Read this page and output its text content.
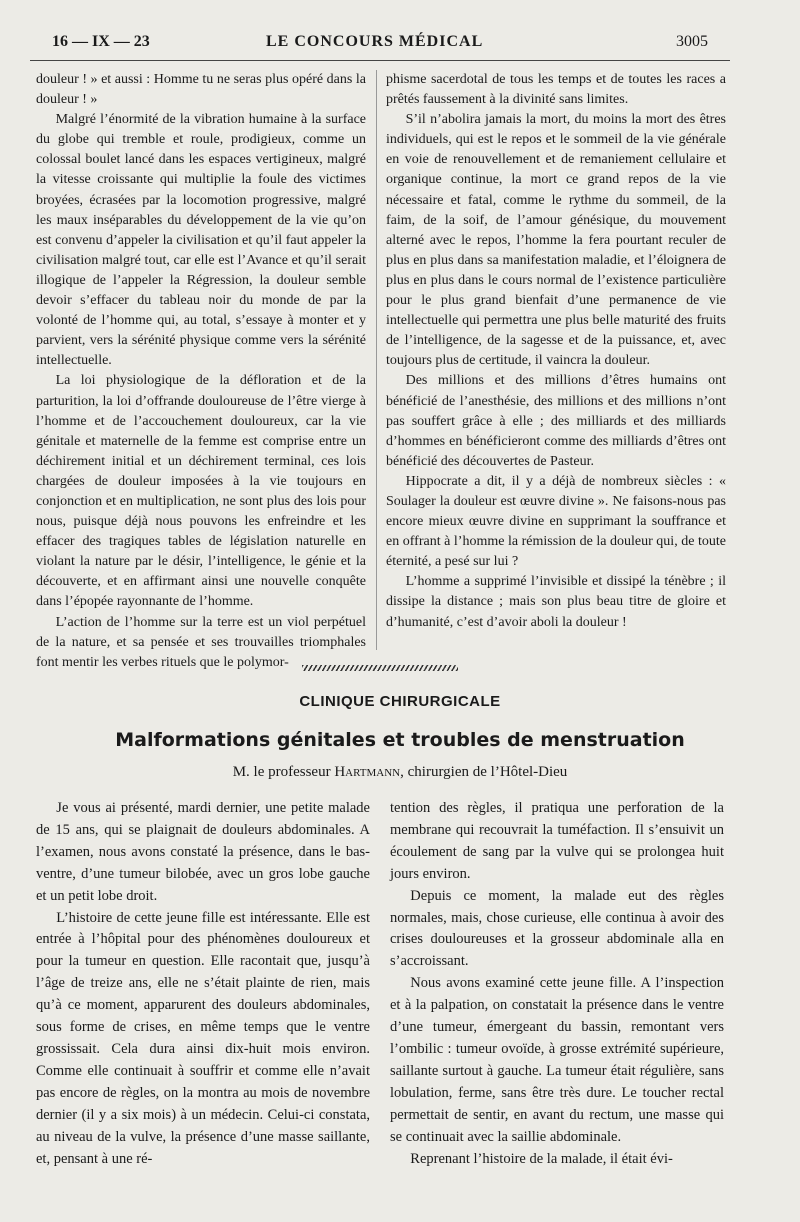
16 — IX — 23	LE CONCOURS MÉDICAL	3005

douleur ! » et aussi : Homme tu ne seras plus opéré dans la douleur ! »

Malgré l’énormité de la vibration humaine à la surface du globe qui tremble et roule, prodigieux, comme un colossal boulet lancé dans les espaces vertigineux, malgré la vitesse croissante qui multiplie la foule des victimes broyées, écrasées par la locomotion progressive, malgré les maux inséparables du développement de la vie qu’on est convenu d’appeler la civilisation et qu’il faut appeler la civilisation malgré tout, car elle est l’Avance et qu’il serait illogique de l’appeler la Régression, la douleur semble devoir s’effacer du tableau noir du monde de par la volonté de l’homme qui, au total, s’essaye à monter et y parvient, vers la sérénité physique comme vers la sérénité intellectuelle.

La loi physiologique de la défloration et de la parturition, la loi d’offrande douloureuse de l’être vierge à l’homme et de l’accouchement douloureux, car la vie génitale et maternelle de la femme est comprise entre un déchirement initial et un déchirement terminal, ces lois chargées de douleur imposées à la vie toujours en conjonction et en multiplication, ne sont plus des lois pour nous, puisque déjà nous pouvons les enfreindre et les effacer des tragiques tables de législation naturelle en violant la nature par le désir, l’intelligence, le génie et la découverte, et en affirmant ainsi une nouvelle conquête dans l’épopée rayonnante de l’homme.

L’action de l’homme sur la terre est un viol perpétuel de la nature, et sa pensée et ses trouvailles triomphales font mentir les verbes rituels que le polymor-

phisme sacerdotal de tous les temps et de toutes les races a prêtés faussement à la divinité sans limites.

S’il n’abolira jamais la mort, du moins la mort des êtres individuels, qui est le repos et le sommeil de la vie générale en voie de renouvellement et de remaniement cellulaire et organique continue, la mort ce grand repos de la vie nécessaire et fatal, comme le rythme du sommeil, de la faim, de la soif, de l’amour génésique, du mouvement alterné avec le repos, l’homme la fera pourtant reculer de plus en plus dans sa manifestation maladie, et l’éloignera de plus en plus dans le cours normal de l’existence particulière pour le plus grand bienfait d’une permanence de vie intellectuelle qui permettra une plus belle maturité des fruits de l’intelligence, de la sagesse et de la puissance, et, avec toujours plus de certitude, il vaincra la douleur.

Des millions et des millions d’êtres humains ont bénéficié de l’anesthésie, des millions et des millions n’ont pas souffert grâce à elle ; des milliards et des milliards d’hommes en bénéficieront comme des milliards d’êtres ont bénéficié des découvertes de Pasteur.

Hippocrate a dit, il y a déjà de nombreux siècles : « Soulager la douleur est œuvre divine ». Ne faisons-nous pas encore mieux œuvre divine en supprimant la souffrance et en offrant à l’homme la rémission de la douleur qui, de toute éternité, a pesé sur lui ?

L’homme a supprimé l’invisible et dissipé la ténèbre ; il dissipe la distance ; mais son plus beau titre de gloire et d’humanité, c’est d’avoir aboli la douleur !

CLINIQUE CHIRURGICALE
Malformations génitales et troubles de menstruation
M. le professeur Hartmann, chirurgien de l’Hôtel-Dieu

Je vous ai présenté, mardi dernier, une petite malade de 15 ans, qui se plaignait de douleurs abdominales. A l’examen, nous avons constaté la présence, dans le bas-ventre, d’une tumeur bilobée, avec un gros lobe gauche et un petit lobe droit.

L’histoire de cette jeune fille est intéressante. Elle est entrée à l’hôpital pour des phénomènes douloureux et pour la tumeur en question. Elle racontait que, jusqu’à l’âge de treize ans, elle ne s’était plainte de rien, mais qu’à ce moment, apparurent des douleurs abdominales, sous forme de crises, en même temps que le ventre grossissait. Cela dura ainsi dix-huit mois environ. Comme elle continuait à souffrir et comme elle n’avait pas encore de règles, on la montra au mois de novembre dernier (il y a six mois) à un médecin. Celui-ci constata, au niveau de la vulve, la présence d’une masse saillante, et, pensant à une ré-

tention des règles, il pratiqua une perforation de la membrane qui recouvrait la tuméfaction. Il s’ensuivit un écoulement de sang par la vulve qui se prolongea huit jours environ.

Depuis ce moment, la malade eut des règles normales, mais, chose curieuse, elle continua à avoir des crises douloureuses et la grosseur abdominale alla en s’accroissant.

Nous avons examiné cette jeune fille. A l’inspection et à la palpation, on constatait la présence dans le ventre d’une tumeur, émergeant du bassin, remontant vers l’ombilic : tumeur ovoïde, à grosse extrémité supérieure, saillante surtout à gauche. La tumeur était régulière, sans lobulation, ferme, sans être très dure. Le toucher rectal permettait de sentir, en avant du rectum, une masse qui se continuait avec la saillie abdominale.

Reprenant l’histoire de la malade, il était évi-
